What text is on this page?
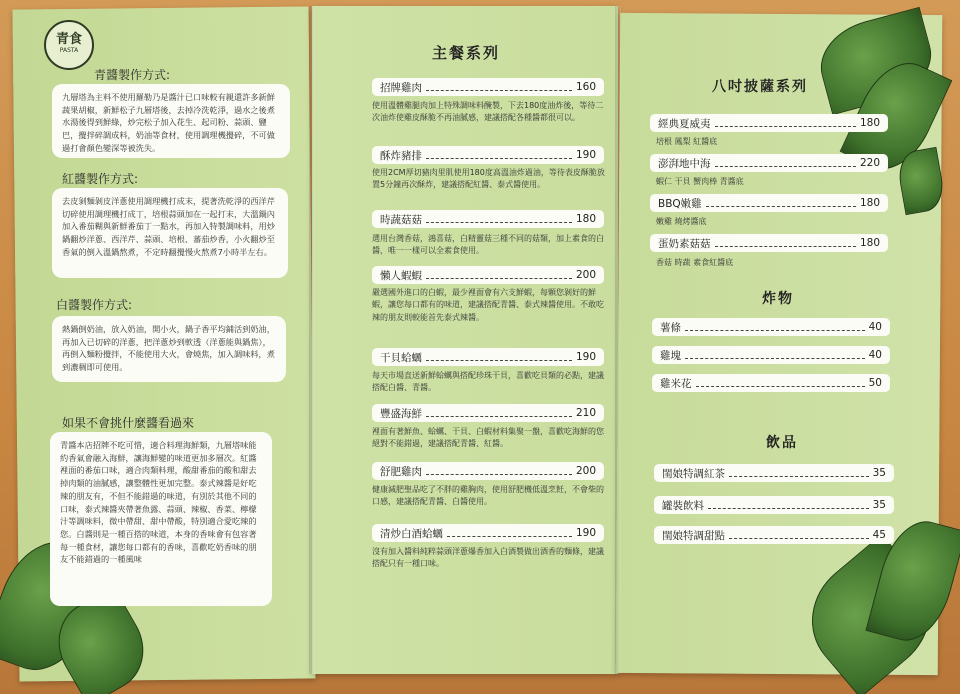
青食
PASTA
青醬製作方式:
九層塔為主料不使用羅勒乃是醬汁已口味較有親還許多新鮮蔬果胡椒，新鮮松子九層塔後，去掉冷洗乾淨，過水之後煮水湯後得到鮮綠，炒完松子加入花生、起司粉、蒜頭、鹽巴，攪拌碎調成料，奶油等食材，使用調理機攪碎，不可做過打會顏色變深等被洗失。
紅醬製作方式:
去皮剝麵剝皮洋蔥使用調理機打成末，提著洗乾淨的西洋芹切碎使用調理機打成丁，培根蒜頭加在一起打末，大溫鍋內加入番茄糊與新鮮番茄丁一點水，再加入特製調味料，用炒鍋翻炒洋蔥、西洋芹、蒜頭、培根、蕃茄炒香，小火翻炒至香氣的倒入溫鍋熬煮，不定時翻攪慢火熬煮7小時半左右。
白醬製作方式:
熱鍋倒奶油，放入奶油，開小火，鍋子香平均鋪活到奶油，再加入已切碎的洋蔥，把洋蔥炒到軟透（洋蔥能與鍋焦），再倒入麵粉攪拌，不能使用大火，會燒焦，加入調味料，煮到濃稠即可使用。
如果不會挑什麼醬看過來
青醬本店招牌不吃可惜，適合料理海鮮類，九層塔味能約香氣會融入海鮮，讓海鮮變的味道更加多層次。紅醬裡面的番茄口味，適合肉類料理，酸甜番茄的酸和甜去掉肉類的油膩感，讓整體性更加完整。泰式辣醬是好吃辣的朋友有，不但不能錯過的味道，有別於其他不同的口味，泰式辣醬夾帶著魚露、蒜頭、辣椒、香菜、檸檬汁等調味料，微中帶甜、甜中帶酸，特別適合愛吃辣的您。白醬則是一種百搭的味道，本身的香味會有包容著每一種食材，讓您每口都有的香味，喜歡吃奶香味的朋友不能錯過的一種風味
主餐系列
招牌雞肉	160
使用溫體雞腿肉加上特殊調味料醃製，下去180度油炸後，等待二次油炸使雞皮酥脆不再油膩感，建議搭配各種醬都很可以。
酥炸豬排	190
使用2CM厚切豬肉里肌使用180度高溫油炸過油，等待表皮酥脆放置5分鐘再次酥炸，建議搭配紅醬、泰式醬使用。
時蔬菇菇	180
選用台灣香菇，鴻喜菇，白精靈菇三種不同的菇類，加上素食的白醬，唯一一樣可以全素食使用。
懶人蝦蝦	200
嚴選國外進口的白蝦，最少裡面會有六支鮮蝦，每顆您剝好的鮮蝦，讓您每口都有的味道，建議搭配青醬、泰式辣醬使用。不敢吃辣的朋友則較能首先泰式辣醬。
干貝蛤蠣	190
每天市場直送新鮮蛤蠣與搭配珍珠干貝，喜歡吃貝類的必點，建議搭配白醬、青醬。
豐盛海鮮	210
裡面有著鮮魚、蛤蠣、干貝、白蝦材料集聚一盤，喜歡吃海鮮的您絕對不能錯過，建議搭配青醬、紅醬。
舒肥雞肉	200
健康減肥聖品吃了不胖的雞胸肉，使用舒肥機低溫烹飪，不會柴的口感，建議搭配青醬、白醬使用。
清炒白酒蛤蠣	190
沒有加入醬料純粹蒜頭洋蔥爆香加入白酒製做出酒香的麵條，建議搭配只有一種口味。
八吋披薩系列
經典夏威夷	180
培根 鳳梨 紅醬底
澎湃地中海	220
蝦仁 干貝 蟹肉棒 青醬底
BBQ嫩雞	180
嫩雞 燒烤醬底
蛋奶素菇菇	180
香菇 時蔬 素食紅醬底
炸物
薯條	40
雞塊	40
雞米花	50
飲品
閨娘特調紅茶	35
罐裝飲料	35
閨娘特調甜點	45
